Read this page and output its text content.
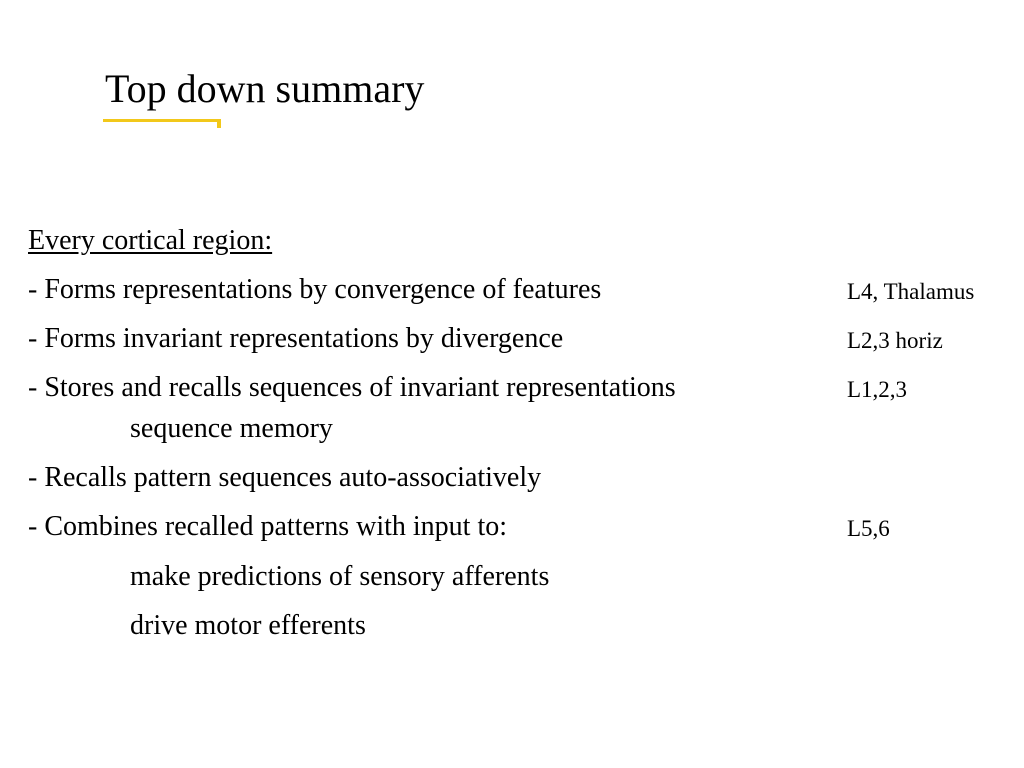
Top down summary
Every cortical region:
- Forms representations by convergence of features	L4, Thalamus
- Forms invariant representations by divergence	L2,3 horiz
- Stores and recalls sequences of invariant representations	L1,2,3
sequence memory
- Recalls pattern sequences auto-associatively
- Combines recalled patterns with input to:	L5,6
make predictions of sensory afferents
drive motor efferents
